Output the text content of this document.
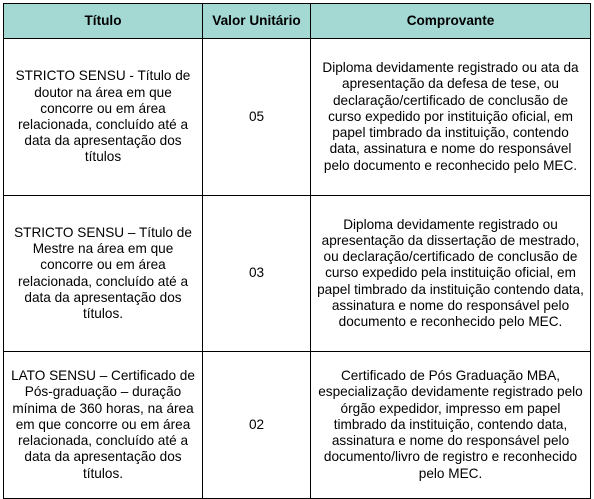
Título	Valor Unitário	Comprovante
STRICTO SENSU - Título de doutor na área em que concorre ou em área relacionada, concluído até a data da apresentação dos títulos	05	Diploma devidamente registrado ou ata da apresentação da defesa de tese, ou declaração/certificado de conclusão de curso expedido por instituição oficial, em papel timbrado da instituição, contendo data, assinatura e nome do responsável pelo documento e reconhecido pelo MEC.
STRICTO SENSU – Título de Mestre na área em que concorre ou em área relacionada, concluído até a data da apresentação dos títulos.	03	Diploma devidamente registrado ou apresentação da dissertação de mestrado, ou declaração/certificado de conclusão de curso expedido pela instituição oficial, em papel timbrado da instituição contendo data, assinatura e nome do responsável pelo documento e reconhecido pelo MEC.
LATO SENSU – Certificado de Pós-graduação – duração mínima de 360 horas, na área em que concorre ou em área relacionada, concluído até a data da apresentação dos títulos.	02	Certificado de Pós Graduação MBA, especialização devidamente registrado pelo órgão expedidor, impresso em papel timbrado da instituição, contendo data, assinatura e nome do responsável pelo documento/livro de registro e reconhecido pelo MEC.
